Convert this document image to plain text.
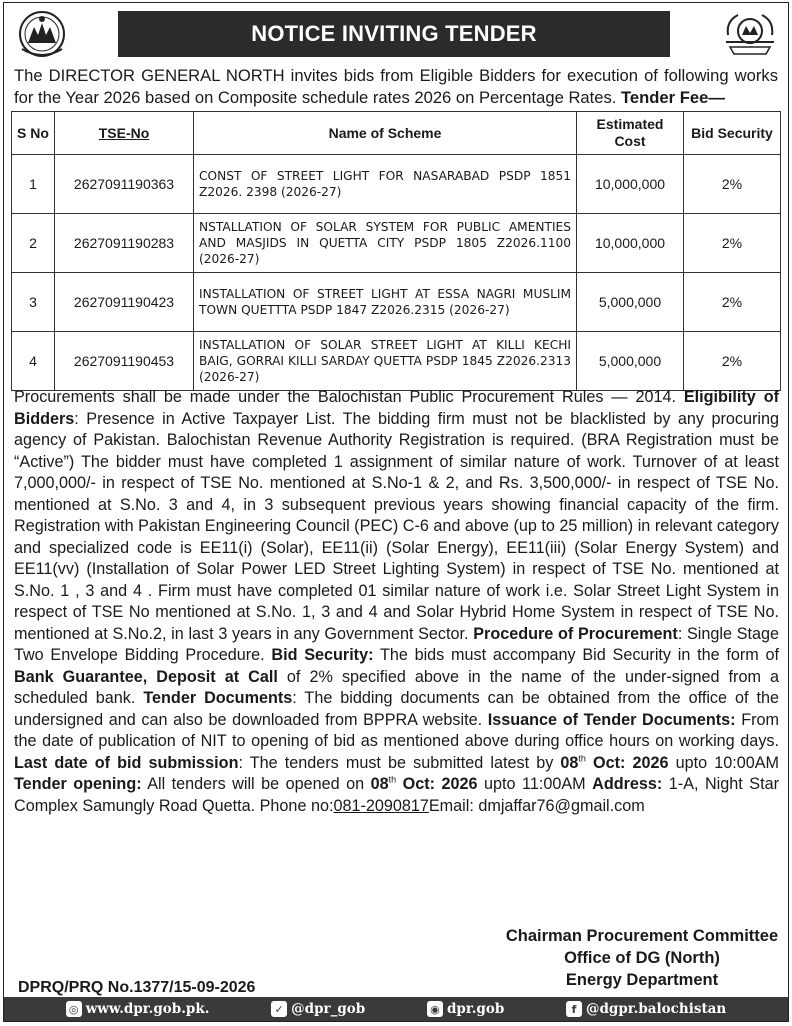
NOTICE INVITING TENDER
The DIRECTOR GENERAL NORTH invites bids from Eligible Bidders for execution of following works for the Year 2026 based on Composite schedule rates 2026 on Percentage Rates. Tender Fee—
S No	TSE-No	Name of Scheme	Estimated Cost	Bid Security
1	2627091190363	CONST OF STREET LIGHT FOR NASARABAD PSDP 1851 Z2026. 2398 (2026-27)	10,000,000	2%
2	2627091190283	NSTALLATION OF SOLAR SYSTEM FOR PUBLIC AMENTIES AND MASJIDS IN QUETTA CITY PSDP 1805 Z2026.1100 (2026-27)	10,000,000	2%
3	2627091190423	INSTALLATION OF STREET LIGHT AT ESSA NAGRI MUSLIM TOWN QUETTTA PSDP 1847 Z2026.2315 (2026-27)	5,000,000	2%
4	2627091190453	INSTALLATION OF SOLAR STREET LIGHT AT KILLI KECHI BAIG, GORRAI KILLI SARDAY QUETTA PSDP 1845 Z2026.2313 (2026-27)	5,000,000	2%
Procurements shall be made under the Balochistan Public Procurement Rules — 2014. Eligibility of Bidders: Presence in Active Taxpayer List. The bidding firm must not be blacklisted by any procuring agency of Pakistan. Balochistan Revenue Authority Registration is required. (BRA Registration must be “Active”) The bidder must have completed 1 assignment of similar nature of work. Turnover of at least 7,000,000/- in respect of TSE No. mentioned at S.No-1 & 2, and Rs. 3,500,000/- in respect of TSE No. mentioned at S.No. 3 and 4, in 3 subsequent previous years showing financial capacity of the firm. Registration with Pakistan Engineering Council (PEC) C-6 and above (up to 25 million) in relevant category and specialized code is EE11(i) (Solar), EE11(ii) (Solar Energy), EE11(iii) (Solar Energy System) and EE11(vv) (Installation of Solar Power LED Street Lighting System) in respect of TSE No. mentioned at S.No. 1 , 3 and 4 . Firm must have completed 01 similar nature of work i.e. Solar Street Light System in respect of TSE No mentioned at S.No. 1, 3 and 4 and Solar Hybrid Home System in respect of TSE No. mentioned at S.No.2, in last 3 years in any Government Sector. Procedure of Procurement: Single Stage Two Envelope Bidding Procedure. Bid Security: The bids must accompany Bid Security in the form of Bank Guarantee, Deposit at Call of 2% specified above in the name of the under-signed from a scheduled bank. Tender Documents: The bidding documents can be obtained from the office of the undersigned and can also be downloaded from BPPRA website. Issuance of Tender Documents: From the date of publication of NIT to opening of bid as mentioned above during office hours on working days. Last date of bid submission: The tenders must be submitted latest by 08th Oct: 2026 upto 10:00AM Tender opening: All tenders will be opened on 08th Oct: 2026 upto 11:00AM Address: 1-A, Night Star Complex Samungly Road Quetta. Phone no:081-2090817Email: dmjaffar76@gmail.com
Chairman Procurement Committee
Office of DG (North)
Energy Department
DPRQ/PRQ No.1377/15-09-2026
◎ www.dpr.gob.pk.	✓ @dpr_gob	◉ dpr.gob	f @dgpr.balochistan
